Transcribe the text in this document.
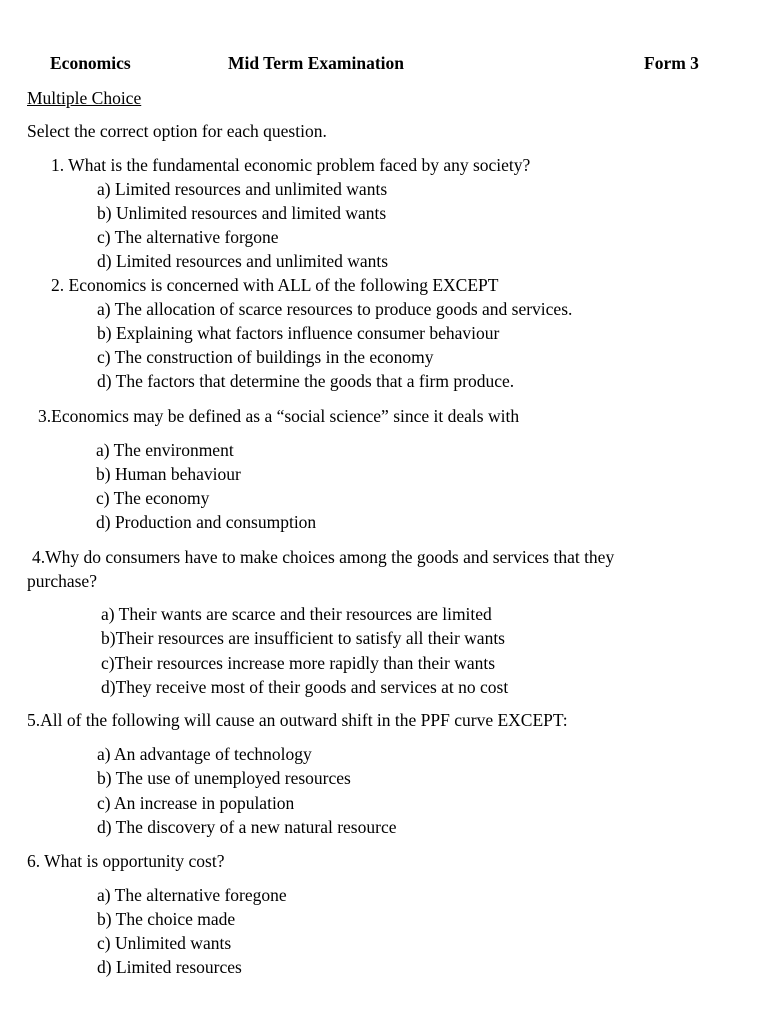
Economics	Mid Term Examination	Form 3
Multiple Choice
Select the correct option for each question.
1. What is the fundamental economic problem faced by any society?
a) Limited resources and unlimited wants
b) Unlimited resources and limited wants
c) The alternative forgone
d) Limited resources and unlimited wants
2. Economics is concerned with ALL of the following EXCEPT
a) The allocation of scarce resources to produce goods and services.
b) Explaining what factors influence consumer behaviour
c) The construction of buildings in the economy
d) The factors that determine the goods that a firm produce.
3.Economics may be defined as a “social science” since it deals with
a) The environment
b) Human behaviour
c) The economy
d) Production and consumption
4.Why do consumers have to make choices among the goods and services that they
purchase?
a) Their wants are scarce and their resources are limited
b)Their resources are insufficient to satisfy all their wants
c)Their resources increase more rapidly than their wants
d)They receive most of their goods and services at no cost
5.All of the following will cause an outward shift in the PPF curve EXCEPT:
a) An advantage of technology
b) The use of unemployed resources
c) An increase in population
d) The discovery of a new natural resource
6. What is opportunity cost?
a) The alternative foregone
b) The choice made
c) Unlimited wants
d) Limited resources
